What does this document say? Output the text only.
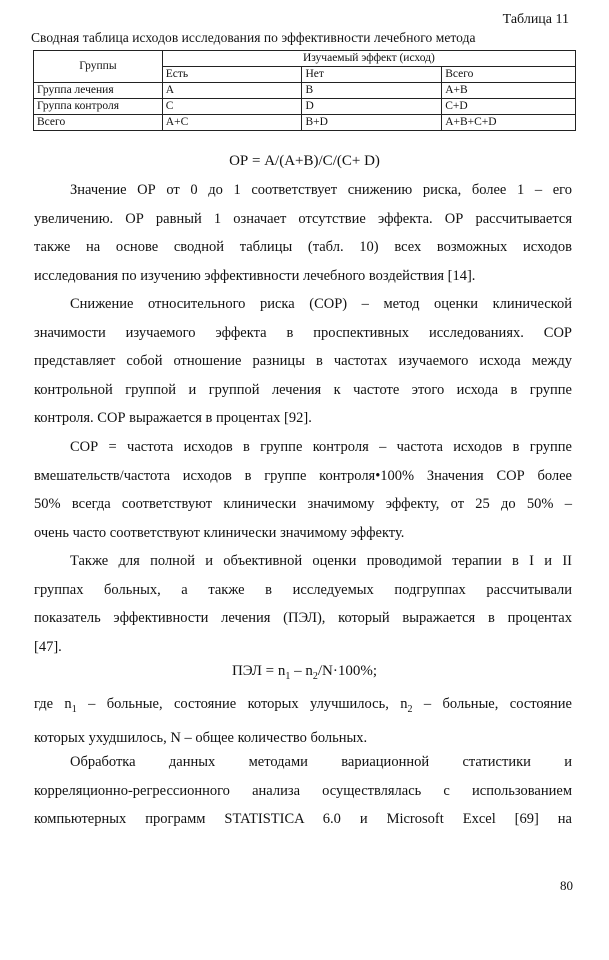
Таблица 11
Сводная таблица исходов исследования по эффективности лечебного метода
Группы	Изучаемый эффект (исход)		
	Есть	Нет	Всего
Группа лечения	A	B	A+B
Группа контроля	C	D	C+D
Всего	A+C	B+D	A+B+C+D
ОР = А/(А+В)/С/(С+ D)
Значение ОР от 0 до 1 соответствует снижению риска, более 1 – его
увеличению. ОР равный 1 означает отсутствие эффекта. ОР рассчитывается
также на основе сводной таблицы (табл. 10) всех возможных исходов
исследования по изучению эффективности лечебного воздействия [14].
Снижение относительного риска (СОР) – метод оценки клинической
значимости изучаемого эффекта в проспективных исследованиях. СОР
представляет собой отношение разницы в частотах изучаемого исхода между
контрольной группой и группой лечения к частоте этого исхода в группе
контроля. СОР выражается в процентах [92].
СОР = частота исходов в группе контроля – частота исходов в группе
вмешательств/частота исходов в группе контроля•100% Значения СОР более
50% всегда соответствуют клинически значимому эффекту, от 25 до 50% –
очень часто соответствуют клинически значимому эффекту.
Также для полной и объективной оценки проводимой терапии в I и II
группах больных, а также в исследуемых подгруппах рассчитывали
показатель эффективности лечения (ПЭЛ), который выражается в процентах
[47].
ПЭЛ = $n_1 - n_2/N\cdot 100\%$;
где $n_1$ – больные, состояние которых улучшилось, $n_2$ – больные, состояние
которых ухудшилось, N – общее количество больных.
Обработка данных методами вариационной статистики и
корреляционно-регрессионного анализа осуществлялась с использованием
компьютерных программ STATISTICA 6.0 и Microsoft Excel [69] на
80
